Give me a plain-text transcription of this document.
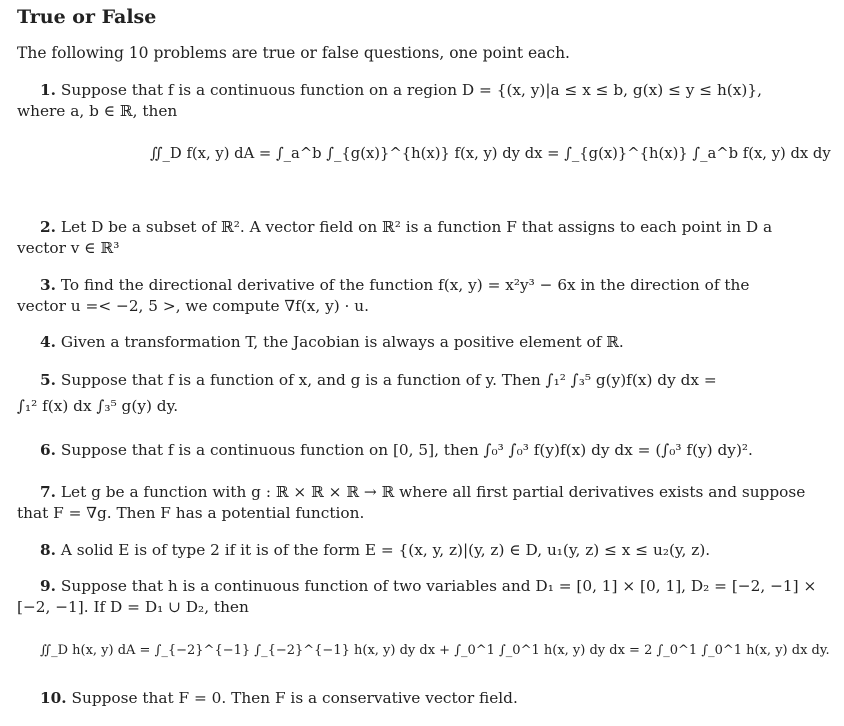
True or False
The following 10 problems are true or false questions, one point each.
1. Suppose that f is a continuous function on a region D = {(x, y)|a ≤ x ≤ b, g(x) ≤ y ≤ h(x)},
where a, b ∈ ℝ, then
∬_D f(x, y) dA = ∫_a^b ∫_{g(x)}^{h(x)} f(x, y) dy dx = ∫_{g(x)}^{h(x)} ∫_a^b f(x, y) dx dy
2. Let D be a subset of ℝ². A vector field on ℝ² is a function F that assigns to each point in D a
vector v ∈ ℝ³
3. To find the directional derivative of the function f(x, y) = x²y³ − 6x in the direction of the
vector u =< −2, 5 >, we compute ∇f(x, y) · u.
4. Given a transformation T, the Jacobian is always a positive element of ℝ.
5. Suppose that f is a function of x, and g is a function of y. Then ∫₁² ∫₃⁵ g(y)f(x) dy dx =
∫₁² f(x) dx ∫₃⁵ g(y) dy.
6. Suppose that f is a continuous function on [0, 5], then ∫₀³ ∫₀³ f(y)f(x) dy dx = (∫₀³ f(y) dy)².
7. Let g be a function with g : ℝ × ℝ × ℝ → ℝ where all first partial derivatives exists and suppose
that F = ∇g. Then F has a potential function.
8. A solid E is of type 2 if it is of the form E = {(x, y, z)|(y, z) ∈ D, u₁(y, z) ≤ x ≤ u₂(y, z).
9. Suppose that h is a continuous function of two variables and D₁ = [0, 1] × [0, 1], D₂ = [−2, −1] ×
[−2, −1]. If D = D₁ ∪ D₂, then
∬_D h(x, y) dA = ∫_{−2}^{−1} ∫_{−2}^{−1} h(x, y) dy dx + ∫_0^1 ∫_0^1 h(x, y) dy dx = 2 ∫_0^1 ∫_0^1 h(x, y) dx dy.
10. Suppose that F = 0. Then F is a conservative vector field.
